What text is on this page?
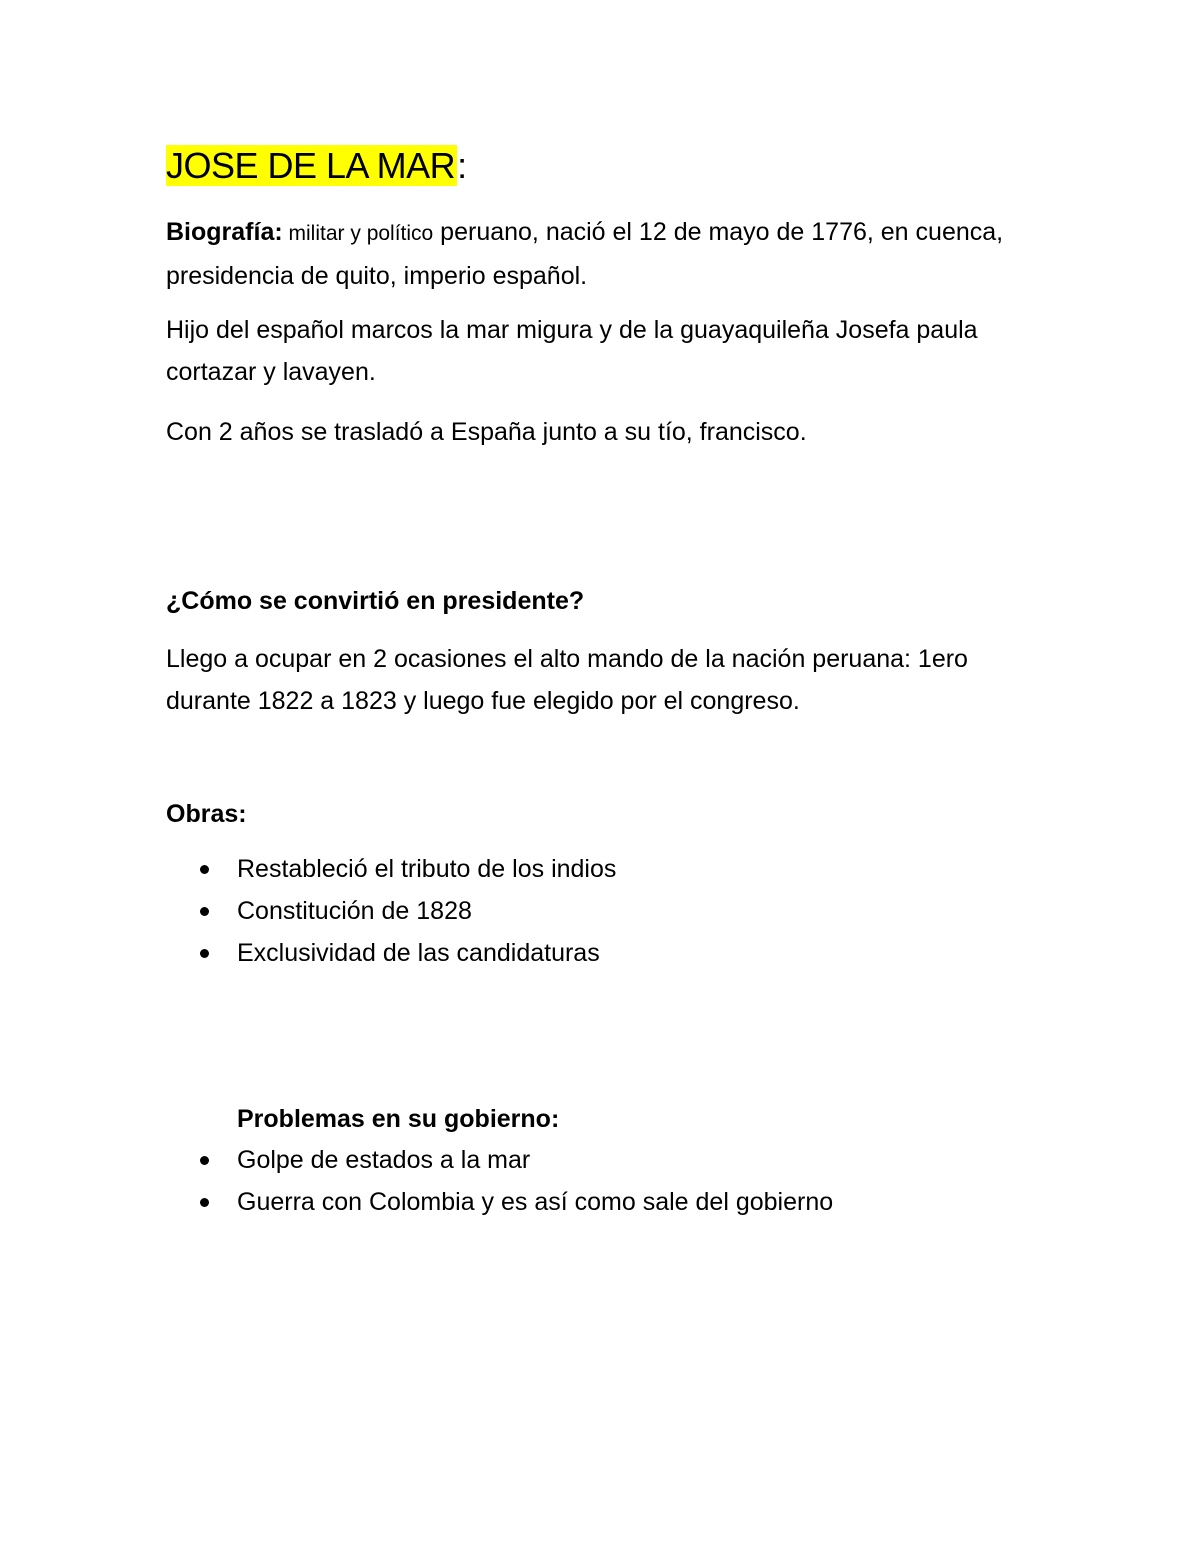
JOSE DE LA MAR:

Biografía: militar y político peruano, nació el 12 de mayo de 1776, en cuenca, presidencia de quito, imperio español.

Hijo del español marcos la mar migura y de la guayaquileña Josefa paula cortazar y lavayen.

Con 2 años se trasladó a España junto a su tío, francisco.

¿Cómo se convirtió en presidente?

Llego a ocupar en 2 ocasiones el alto mando de la nación peruana: 1ero durante 1822 a 1823 y luego fue elegido por el congreso.

Obras:
Restableció el tributo de los indios
Constitución de 1828
Exclusividad de las candidaturas
Problemas en su gobierno:
Golpe de estados a la mar
Guerra con Colombia y es así como sale del gobierno
